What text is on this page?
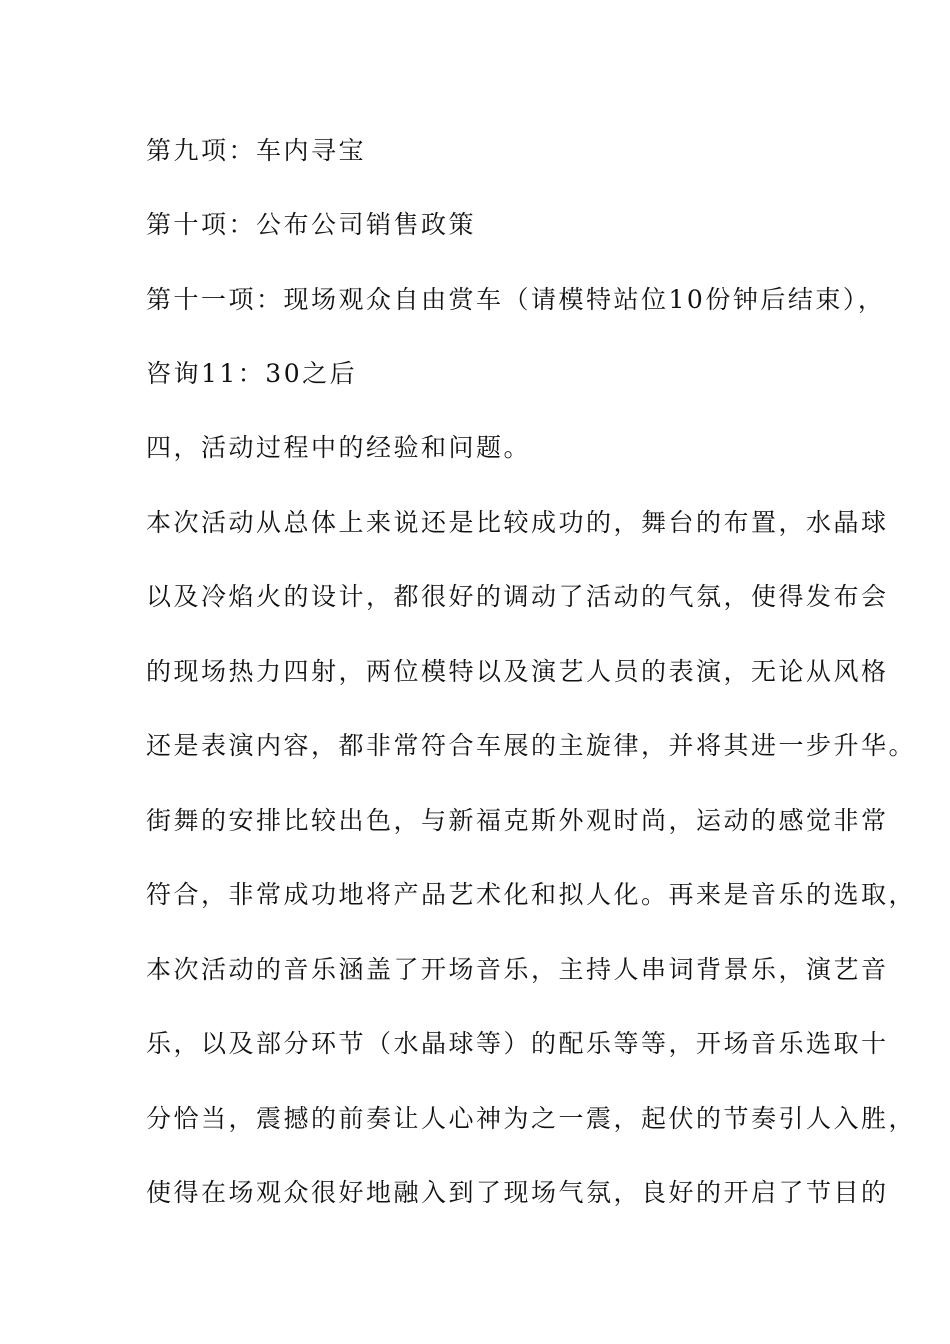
第九项：车内寻宝
第十项：公布公司销售政策
第十一项：现场观众自由赏车（请模特站位10份钟后结束），
咨询11：30之后
四，活动过程中的经验和问题。
本次活动从总体上来说还是比较成功的，舞台的布置，水晶球
以及冷焰火的设计，都很好的调动了活动的气氛，使得发布会
的现场热力四射，两位模特以及演艺人员的表演，无论从风格
还是表演内容，都非常符合车展的主旋律，并将其进一步升华。
街舞的安排比较出色，与新福克斯外观时尚，运动的感觉非常
符合，非常成功地将产品艺术化和拟人化。再来是音乐的选取，
本次活动的音乐涵盖了开场音乐，主持人串词背景乐，演艺音
乐，以及部分环节（水晶球等）的配乐等等，开场音乐选取十
分恰当，震撼的前奏让人心神为之一震，起伏的节奏引人入胜，
使得在场观众很好地融入到了现场气氛，良好的开启了节目的
